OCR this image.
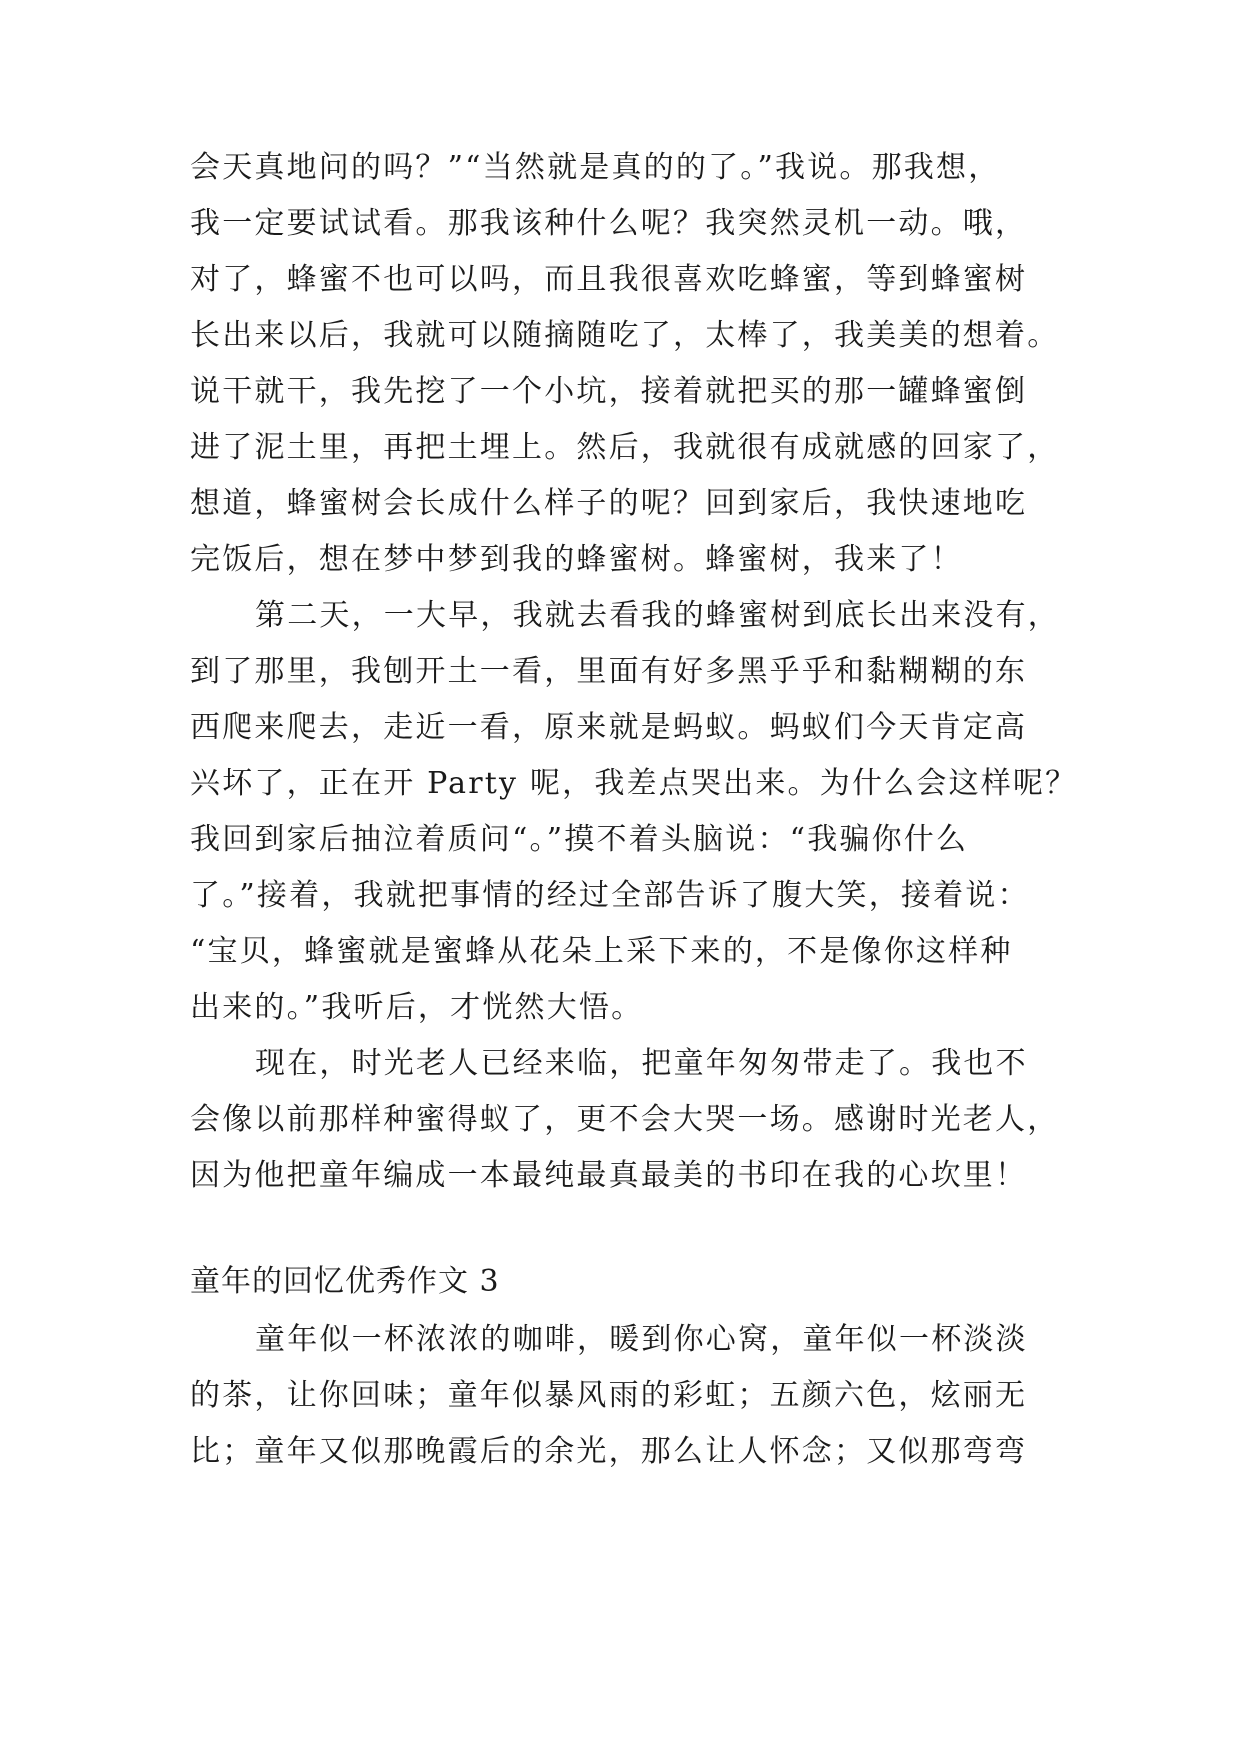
会天真地问的吗？”“当然就是真的的了。”我说。那我想，
我一定要试试看。那我该种什么呢？我突然灵机一动。哦，
对了，蜂蜜不也可以吗，而且我很喜欢吃蜂蜜，等到蜂蜜树
长出来以后，我就可以随摘随吃了，太棒了，我美美的想着。
说干就干，我先挖了一个小坑，接着就把买的那一罐蜂蜜倒
进了泥土里，再把土埋上。然后，我就很有成就感的回家了，
想道，蜂蜜树会长成什么样子的呢？回到家后，我快速地吃
完饭后，想在梦中梦到我的蜂蜜树。蜂蜜树，我来了！
第二天，一大早，我就去看我的蜂蜜树到底长出来没有，
到了那里，我刨开土一看，里面有好多黑乎乎和黏糊糊的东
西爬来爬去，走近一看，原来就是蚂蚁。蚂蚁们今天肯定高
兴坏了，正在开 Party 呢，我差点哭出来。为什么会这样呢？
我回到家后抽泣着质问“。”摸不着头脑说：“我骗你什么
了。”接着，我就把事情的经过全部告诉了腹大笑，接着说：
“宝贝，蜂蜜就是蜜蜂从花朵上采下来的，不是像你这样种
出来的。”我听后，才恍然大悟。
现在，时光老人已经来临，把童年匆匆带走了。我也不
会像以前那样种蜜得蚁了，更不会大哭一场。感谢时光老人，
因为他把童年编成一本最纯最真最美的书印在我的心坎里！
童年的回忆优秀作文 3
童年似一杯浓浓的咖啡，暖到你心窝，童年似一杯淡淡
的茶，让你回味；童年似暴风雨的彩虹；五颜六色，炫丽无
比；童年又似那晚霞后的余光，那么让人怀念；又似那弯弯
